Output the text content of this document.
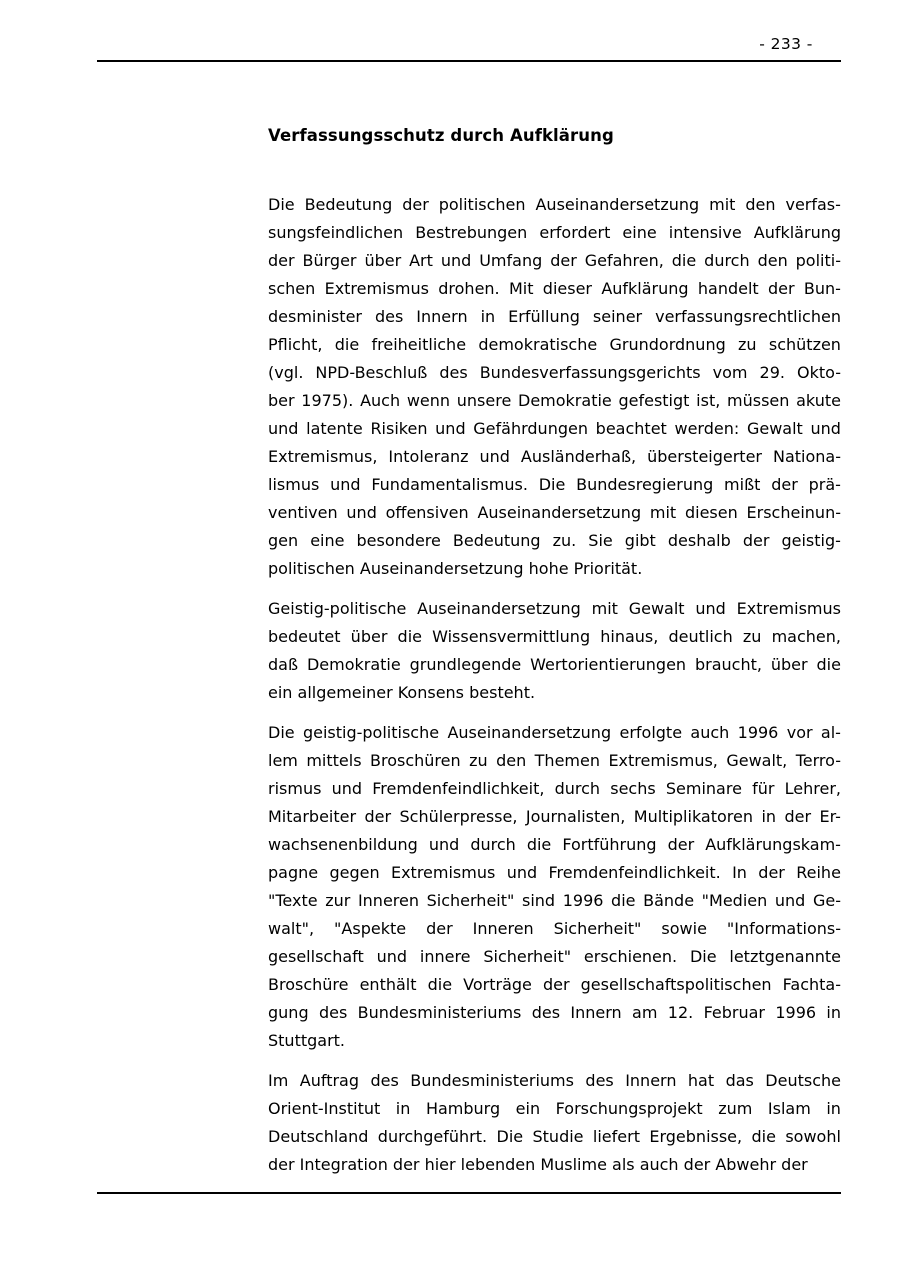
- 233 -
Verfassungsschutz durch Aufklärung

Die Bedeutung der politischen Auseinandersetzung mit den verfas-
sungsfeindlichen Bestrebungen erfordert eine intensive Aufklärung
der Bürger über Art und Umfang der Gefahren, die durch den politi-
schen Extremismus drohen. Mit dieser Aufklärung handelt der Bun-
desminister des Innern in Erfüllung seiner verfassungsrechtlichen
Pflicht, die freiheitliche demokratische Grundordnung zu schützen
(vgl. NPD-Beschluß des Bundesverfassungsgerichts vom 29. Okto-
ber 1975). Auch wenn unsere Demokratie gefestigt ist, müssen akute
und latente Risiken und Gefährdungen beachtet werden: Gewalt und
Extremismus, Intoleranz und Ausländerhaß, übersteigerter Nationa-
lismus und Fundamentalismus. Die Bundesregierung mißt der prä-
ventiven und offensiven Auseinandersetzung mit diesen Erscheinun-
gen eine besondere Bedeutung zu. Sie gibt deshalb der geistig-
politischen Auseinandersetzung hohe Priorität.

Geistig-politische Auseinandersetzung mit Gewalt und Extremismus
bedeutet über die Wissensvermittlung hinaus, deutlich zu machen,
daß Demokratie grundlegende Wertorientierungen braucht, über die
ein allgemeiner Konsens besteht.

Die geistig-politische Auseinandersetzung erfolgte auch 1996 vor al-
lem mittels Broschüren zu den Themen Extremismus, Gewalt, Terro-
rismus und Fremdenfeindlichkeit, durch sechs Seminare für Lehrer,
Mitarbeiter der Schülerpresse, Journalisten, Multiplikatoren in der Er-
wachsenenbildung und durch die Fortführung der Aufklärungskam-
pagne gegen Extremismus und Fremdenfeindlichkeit. In der Reihe
"Texte zur Inneren Sicherheit" sind 1996 die Bände "Medien und Ge-
walt", "Aspekte der Inneren Sicherheit" sowie "Informations-
gesellschaft und innere Sicherheit" erschienen. Die letztgenannte
Broschüre enthält die Vorträge der gesellschaftspolitischen Fachta-
gung des Bundesministeriums des Innern am 12. Februar 1996 in
Stuttgart.

Im Auftrag des Bundesministeriums des Innern hat das Deutsche
Orient-Institut in Hamburg ein Forschungsprojekt zum Islam in
Deutschland durchgeführt. Die Studie liefert Ergebnisse, die sowohl
der Integration der hier lebenden Muslime als auch der Abwehr der
